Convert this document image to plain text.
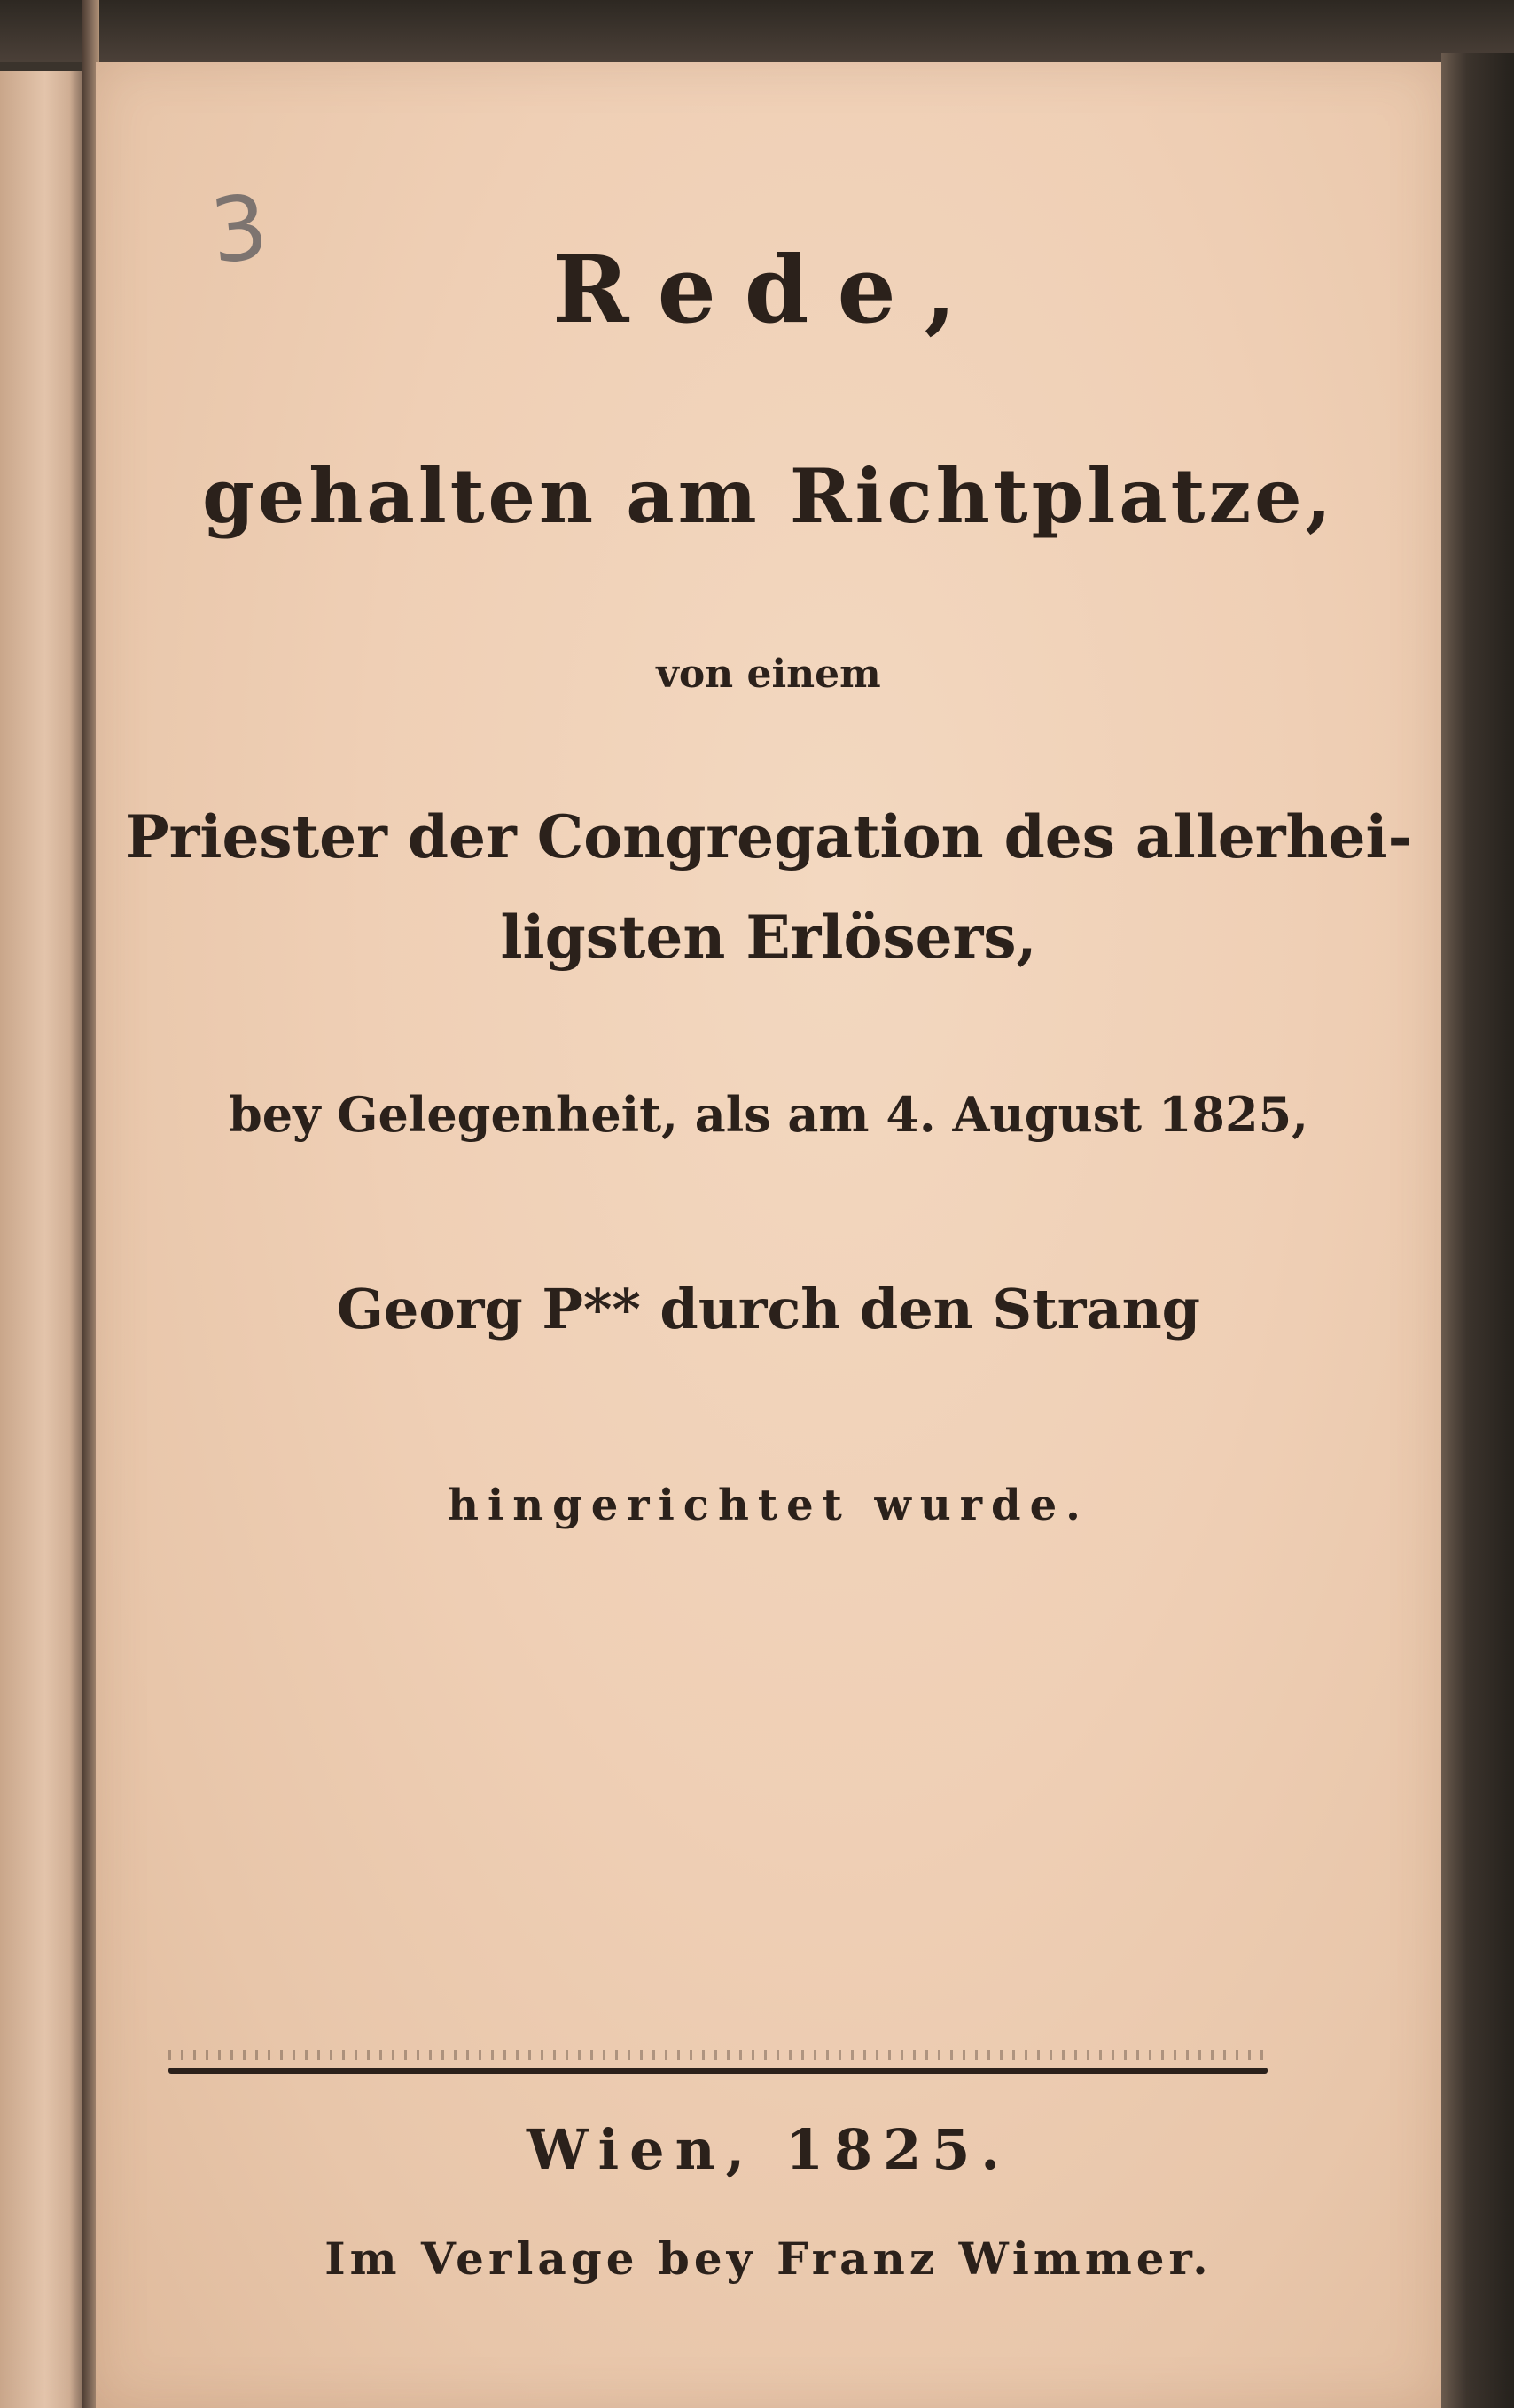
3
Rede,
gehalten am Richtplatze,
von einem
Priester der Congregation des allerhei-
ligsten Erlösers,
bey Gelegenheit, als am 4. August 1825,
Georg P** durch den Strang
hingerichtet wurde.
Wien, 1825.
Im Verlage bey Franz Wimmer.
